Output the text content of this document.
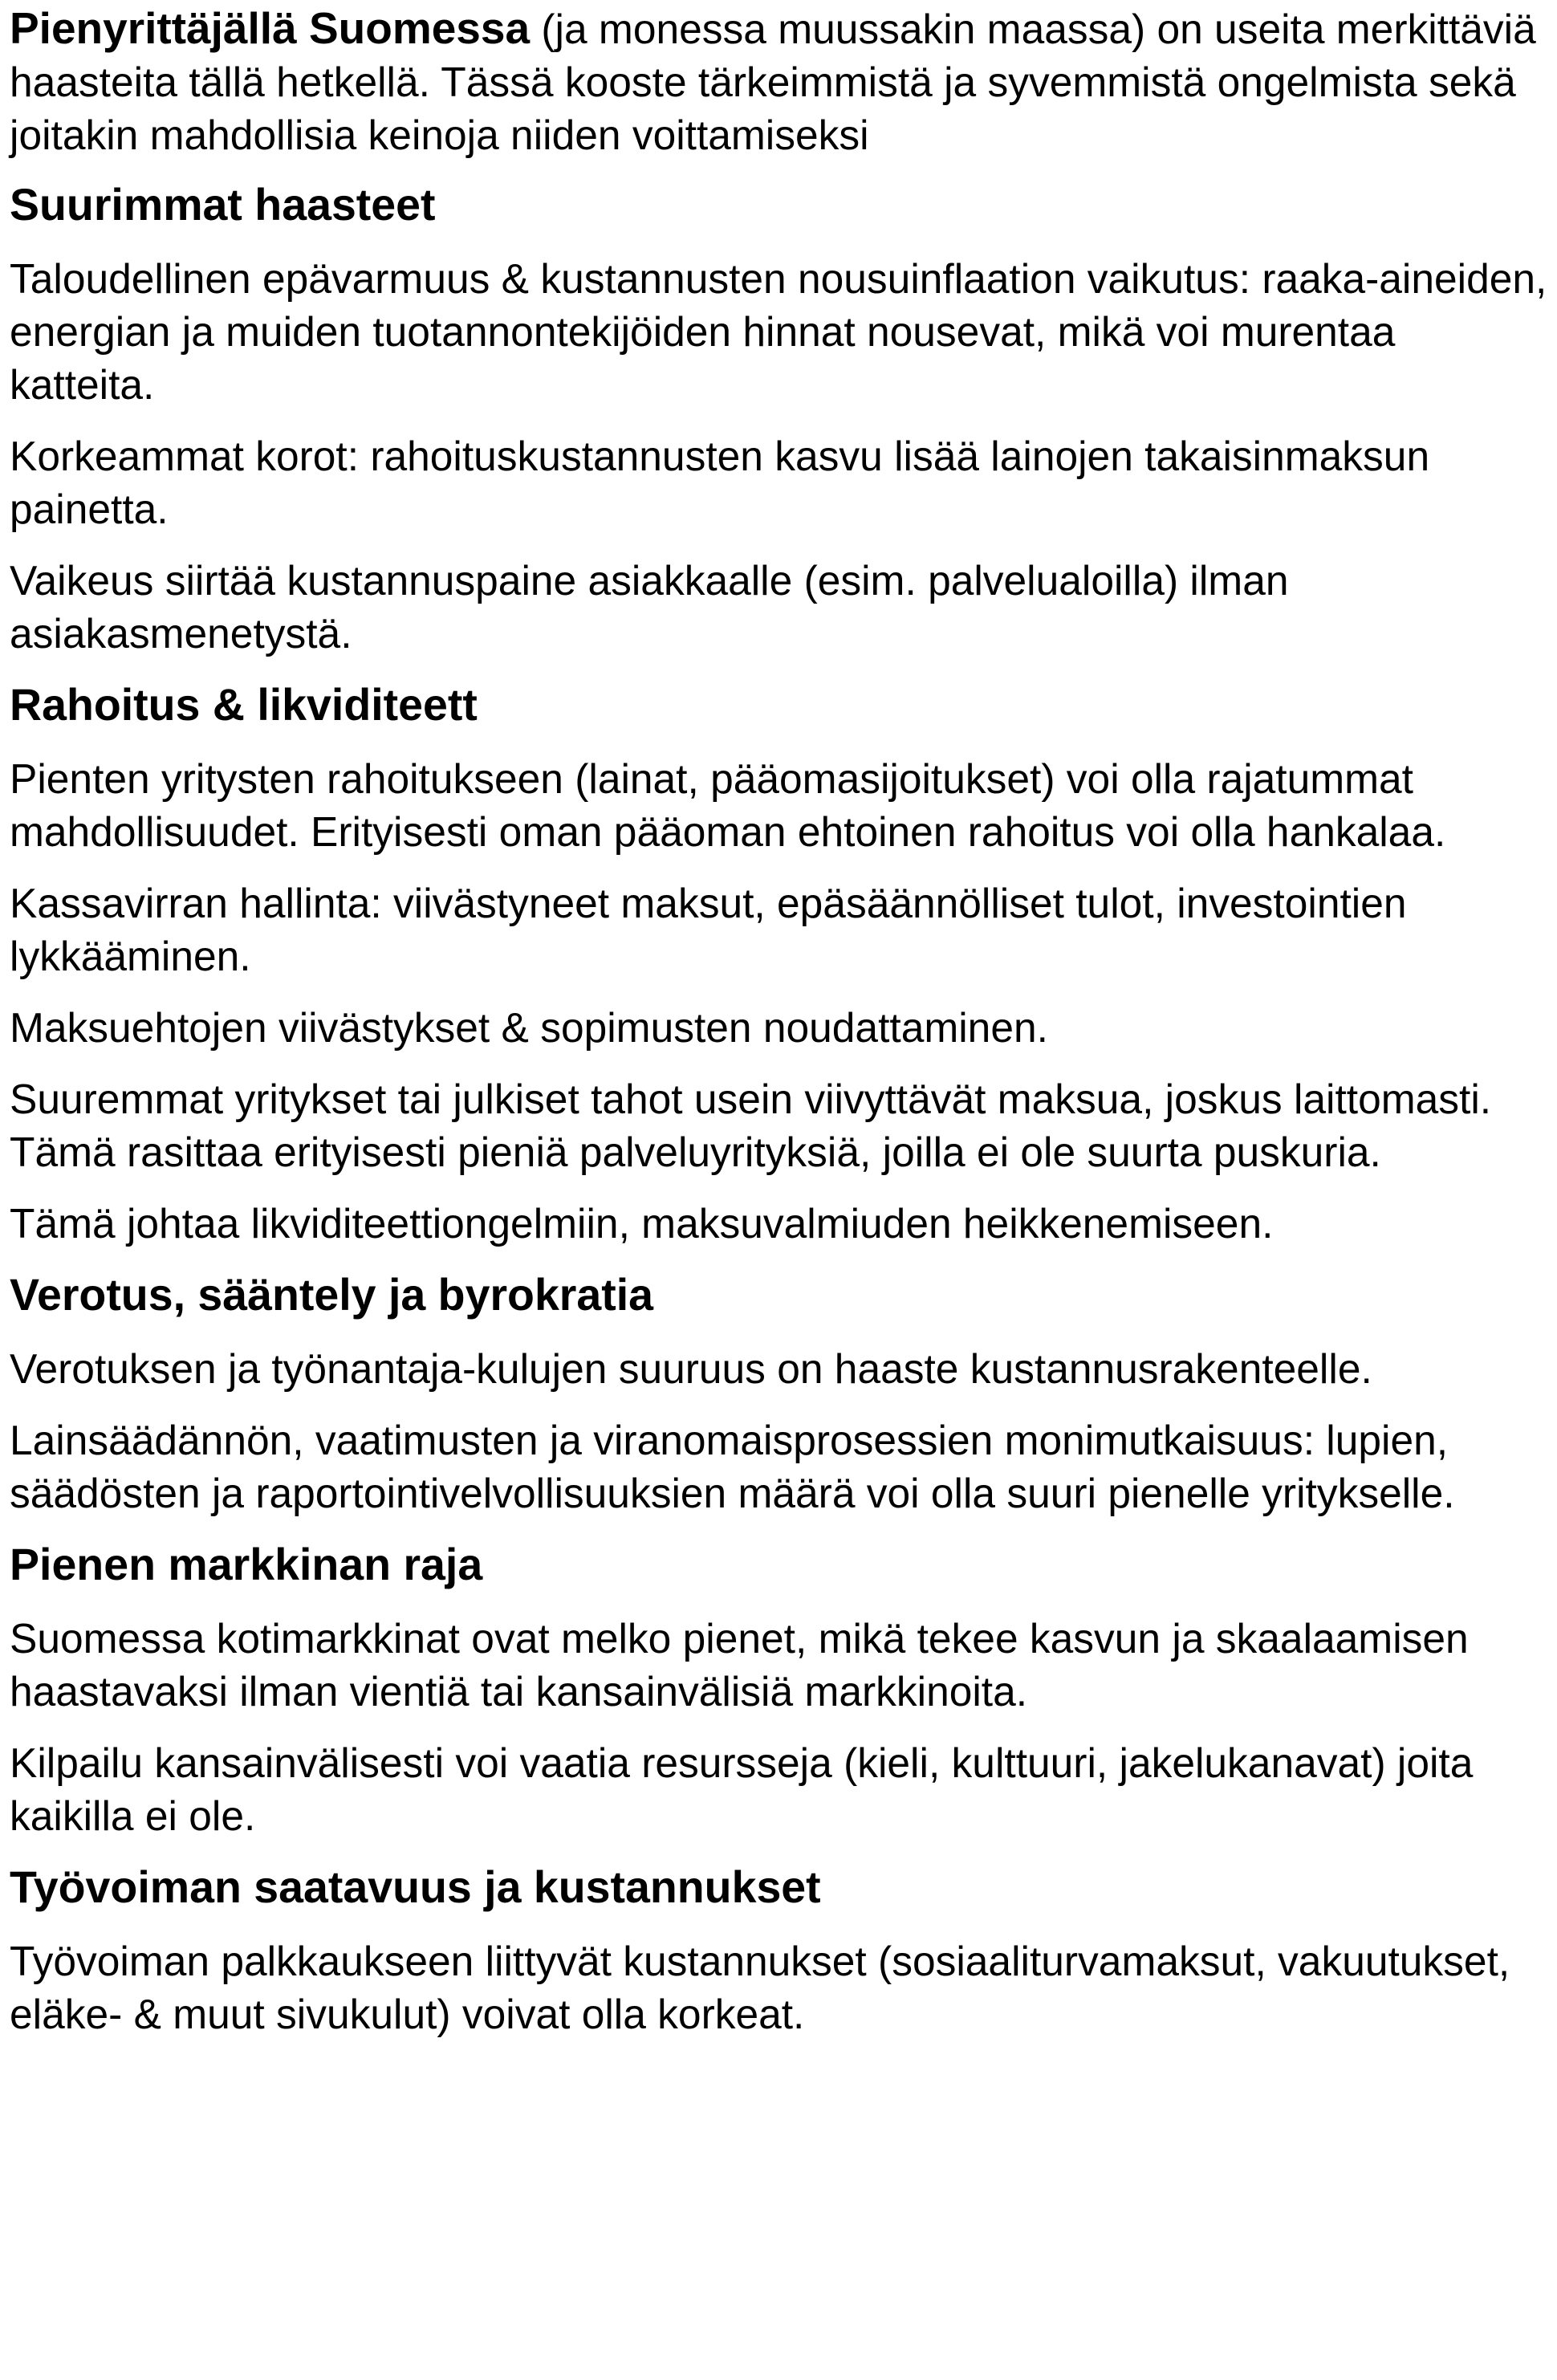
Pienyrittäjällä Suomessa (ja monessa muussakin maassa) on useita merkittäviä haasteita tällä hetkellä. Tässä kooste tärkeimmistä ja syvemmistä ongelmista sekä joitakin mahdollisia keinoja niiden voittamiseksi

Suurimmat haasteet

Taloudellinen epävarmuus & kustannusten nousuinflaation vaikutus: raaka-aineiden, energian ja muiden tuotannontekijöiden hinnat nousevat, mikä voi murentaa katteita.

Korkeammat korot: rahoituskustannusten kasvu lisää lainojen takaisinmaksun painetta.

Vaikeus siirtää kustannuspaine asiakkaalle (esim. palvelualoilla) ilman asiakasmenetystä.

Rahoitus & likviditeett

Pienten yritysten rahoitukseen (lainat, pääomasijoitukset) voi olla rajatummat mahdollisuudet. Erityisesti oman pääoman ehtoinen rahoitus voi olla hankalaa.

Kassavirran hallinta: viivästyneet maksut, epäsäännölliset tulot, investointien lykkääminen.

Maksuehtojen viivästykset & sopimusten noudattaminen.

Suuremmat yritykset tai julkiset tahot usein viivyttävät maksua, joskus laittomasti. Tämä rasittaa erityisesti pieniä palveluyrityksiä, joilla ei ole suurta puskuria.

Tämä johtaa likviditeettiongelmiin, maksuvalmiuden heikkenemiseen.

Verotus, sääntely ja byrokratia

Verotuksen ja työnantaja-kulujen suuruus on haaste kustannusrakenteelle.

Lainsäädännön, vaatimusten ja viranomaisprosessien monimutkaisuus: lupien, säädösten ja raportointivelvollisuuksien määrä voi olla suuri pienelle yritykselle.

Pienen markkinan raja

Suomessa kotimarkkinat ovat melko pienet, mikä tekee kasvun ja skaalaamisen haastavaksi ilman vientiä tai kansainvälisiä markkinoita.

Kilpailu kansainvälisesti voi vaatia resursseja (kieli, kulttuuri, jakelukanavat) joita kaikilla ei ole.

Työvoiman saatavuus ja kustannukset

Työvoiman palkkaukseen liittyvät kustannukset (sosiaaliturvamaksut, vakuutukset, eläke- & muut sivukulut) voivat olla korkeat.
